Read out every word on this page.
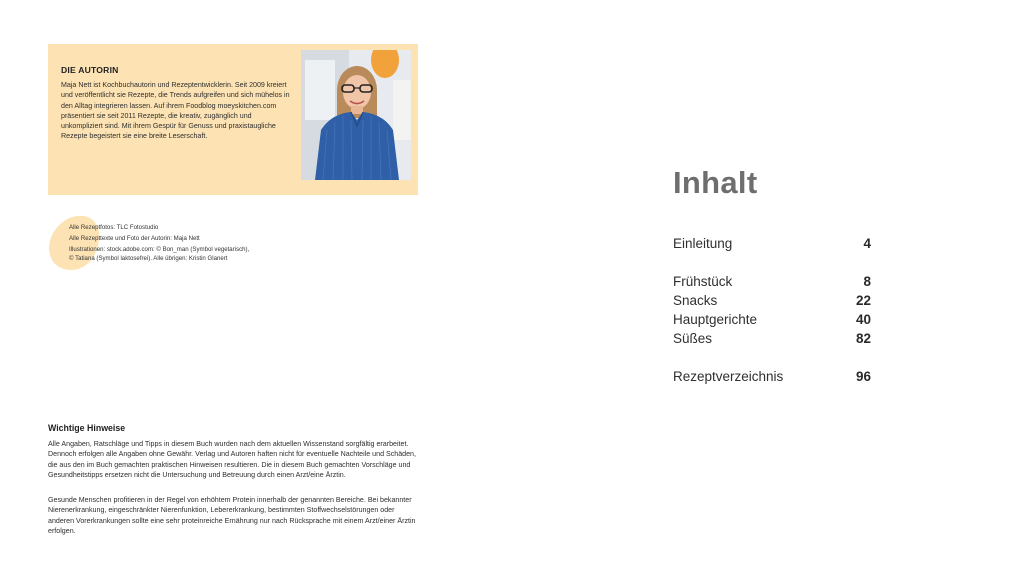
DIE AUTORIN
Maja Nett ist Kochbuchautorin und Rezeptentwicklerin. Seit 2009 kreiert und veröffentlicht sie Rezepte, die Trends aufgreifen und sich mühelos in den Alltag integrieren lassen. Auf ihrem Foodblog moeyskitchen.com präsentiert sie seit 2011 Rezepte, die kreativ, zugänglich und unkompliziert sind. Mit ihrem Gespür für Genuss und praxistaugliche Rezepte begeistert sie eine breite Leserschaft.
Alle Rezeptfotos: TLC Fotostudio
Alle Rezepttexte und Foto der Autorin: Maja Nett
Illustrationen: stock.adobe.com: © Bon_man (Symbol vegetarisch),
© Tatiana (Symbol laktosefrei). Alle übrigen: Kristin Glanert
Wichtige Hinweise
Alle Angaben, Ratschläge und Tipps in diesem Buch wurden nach dem aktuellen Wissenstand sorgfältig erarbeitet. Dennoch erfolgen alle Angaben ohne Gewähr. Verlag und Autoren haften nicht für eventuelle Nachteile und Schäden, die aus den im Buch gemachten praktischen Hinweisen resultieren. Die in diesem Buch gemachten Vorschläge und Gesundheitstipps ersetzen nicht die Untersuchung und Betreuung durch einen Arzt/eine Ärztin.
Gesunde Menschen profitieren in der Regel von erhöhtem Protein innerhalb der genannten Bereiche. Bei bekannter Nierenerkrankung, eingeschränkter Nierenfunktion, Lebererkrankung, bestimmten Stoffwechselstörungen oder anderen Vorerkrankungen sollte eine sehr proteinreiche Ernährung nur nach Rücksprache mit einem Arzt/einer Ärztin erfolgen.
Inhalt
Einleitung	4
Frühstück	8
Snacks	22
Hauptgerichte	40
Süßes	82
Rezeptverzeichnis	96
